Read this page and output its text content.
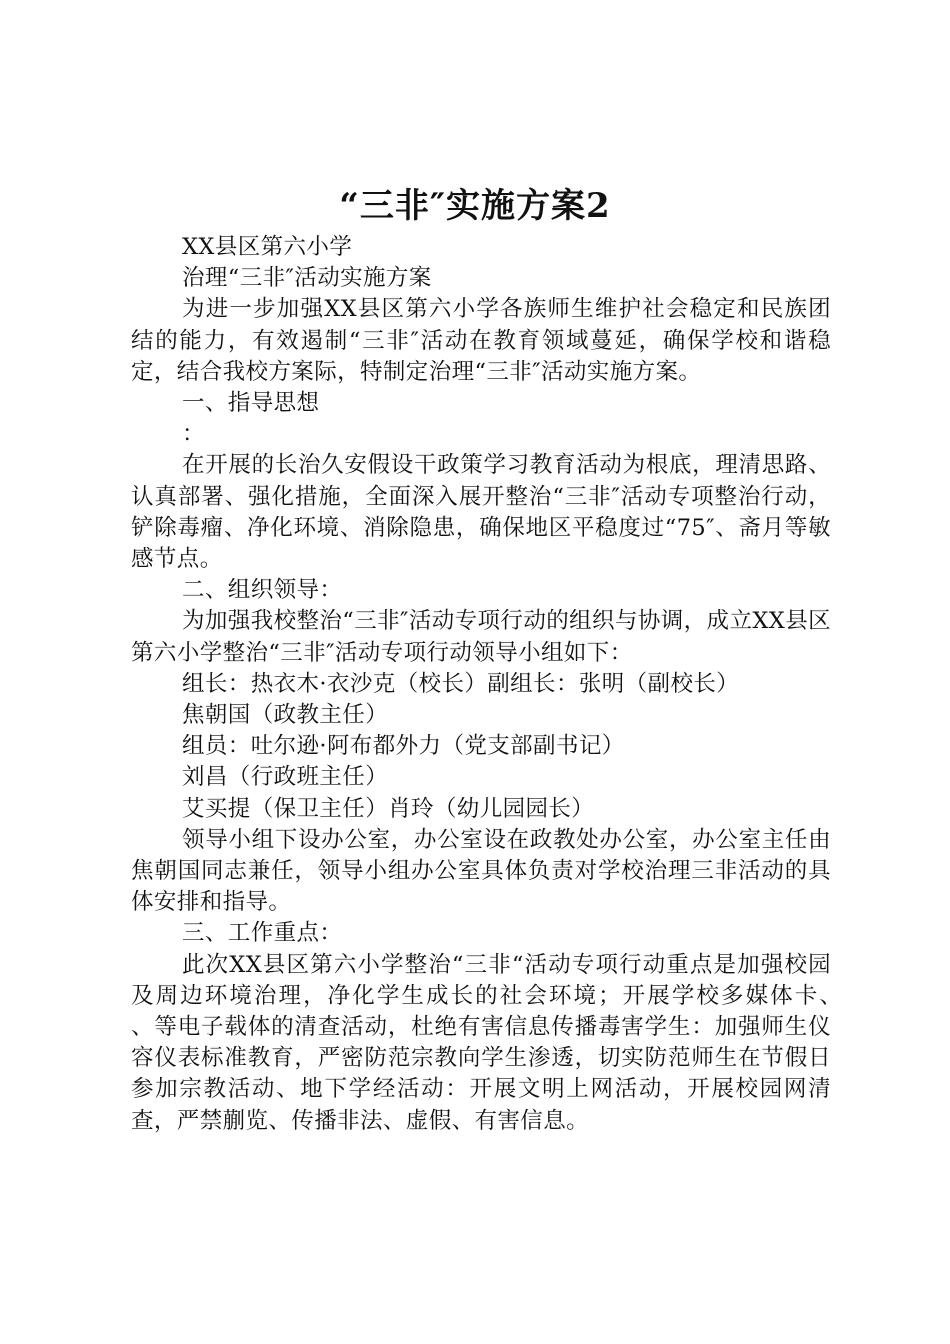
“三非″实施方案2

XX县区第六小学

治理“三非″活动实施方案

为进一步加强XX县区第六小学各族师生维护社会稳定和民族团结的能力，有效遏制“三非″活动在教育领域蔓延，确保学校和谐稳定，结合我校方案际，特制定治理“三非″活动实施方案。

一、指导思想

：

在开展的长治久安假设干政策学习教育活动为根底，理清思路、认真部署、强化措施，全面深入展开整治“三非″活动专项整治行动，铲除毒瘤、净化环境、消除隐患，确保地区平稳度过“75″、斋月等敏感节点。

二、组织领导：

为加强我校整治“三非″活动专项行动的组织与协调，成立XX县区第六小学整治“三非″活动专项行动领导小组如下：

组长：热衣木·衣沙克（校长）副组长：张明（副校长）

焦朝国（政教主任）

组员：吐尔逊·阿布都外力（党支部副书记）

刘昌（行政班主任）

艾买提（保卫主任）肖玲（幼儿园园长）

领导小组下设办公室，办公室设在政教处办公室，办公室主任由焦朝国同志兼任，领导小组办公室具体负责对学校治理三非活动的具体安排和指导。

三、工作重点：

此次XX县区第六小学整治“三非“活动专项行动重点是加强校园及周边环境治理，净化学生成长的社会环境；开展学校多媒体卡、　　、等电子载体的清查活动，杜绝有害信息传播毒害学生：加强师生仪容仪表标准教育，严密防范宗教向学生渗透，切实防范师生在节假日参加宗教活动、地下学经活动：开展文明上网活动，开展校园网清查，严禁蒯览、传播非法、虚假、有害信息。
